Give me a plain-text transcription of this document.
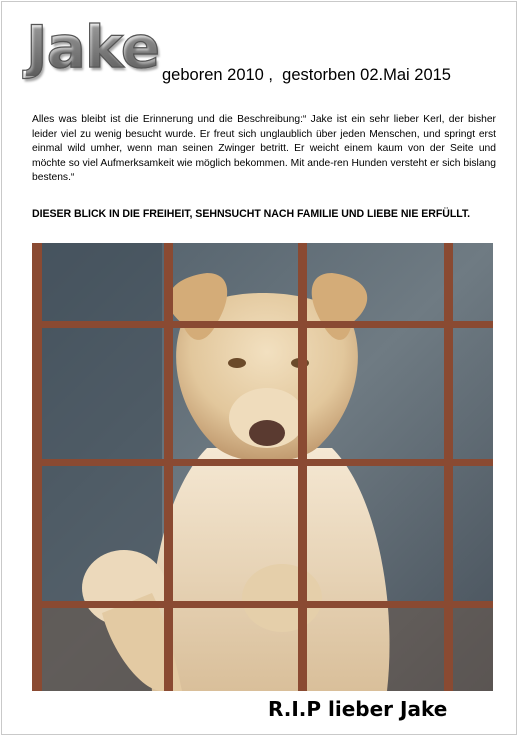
Jake geboren 2010 ,  gestorben 02.Mai 2015

Alles was bleibt ist die Erinnerung und die Beschreibung:“ Jake ist ein sehr lieber Kerl, der bisher leider viel zu wenig besucht wurde. Er freut sich unglaublich über jeden Menschen, und springt erst einmal wild umher, wenn man seinen Zwinger betritt. Er weicht einem kaum von der Seite und möchte so viel Aufmerksamkeit wie möglich bekommen. Mit ande-ren Hunden versteht er sich bislang bestens.“

DIESER BLICK IN DIE FREIHEIT, SEHNSUCHT NACH FAMILIE UND LIEBE NIE ERFÜLLT.
R.I.P lieber Jake
